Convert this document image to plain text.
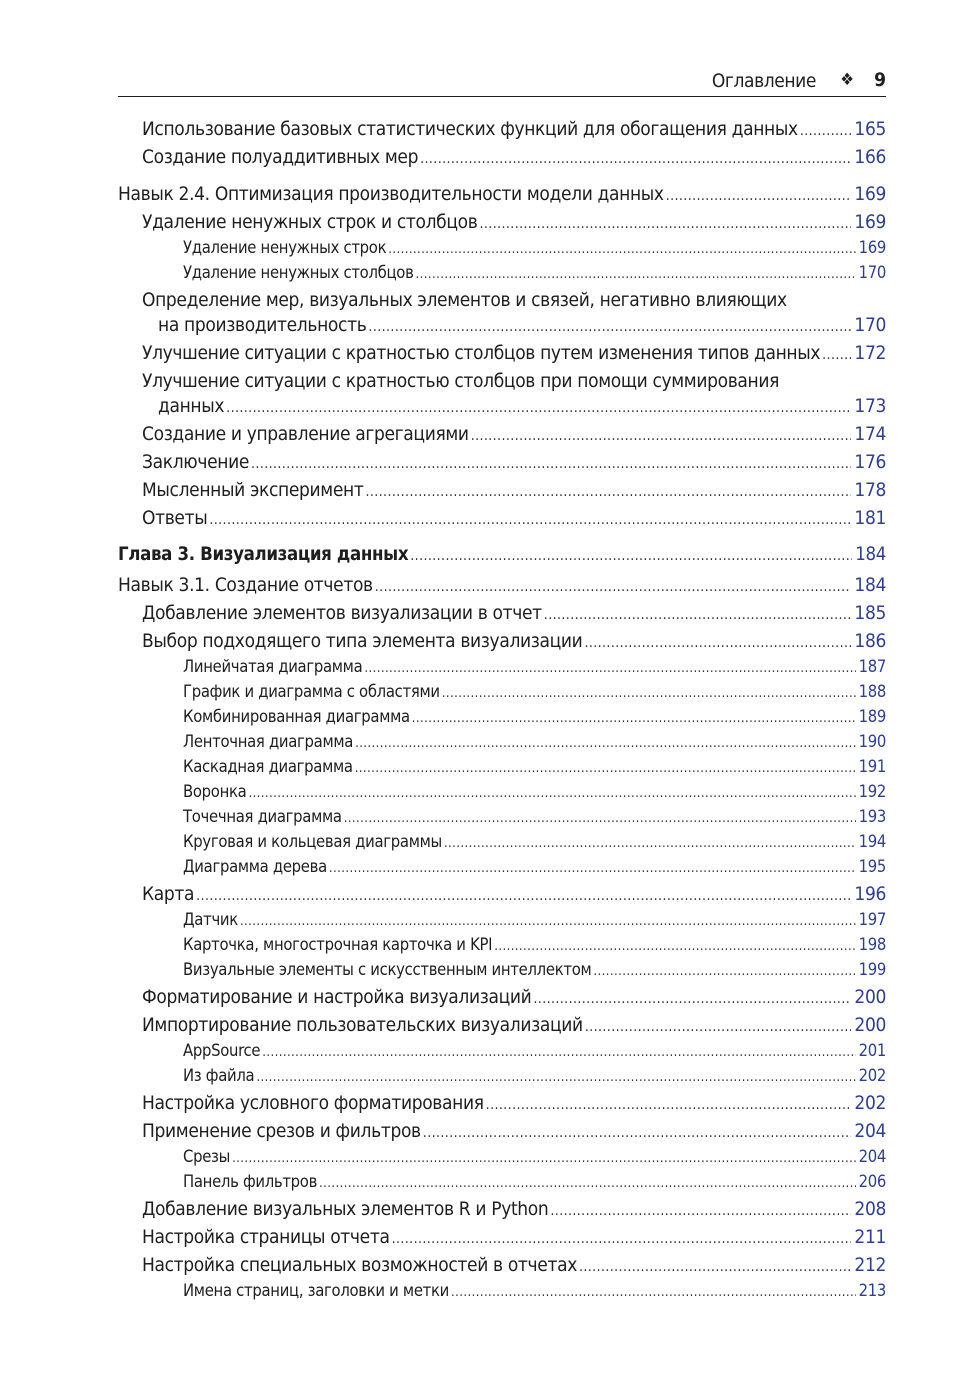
Оглавление ❖ 9
Использование базовых статистических функций для обогащения данных .....	165
Создание полуаддитивных мер .....	166
Навык 2.4. Оптимизация производительности модели данных .....	169
Удаление ненужных строк и столбцов .....	169
Удаление ненужных строк .....	169
Удаление ненужных столбцов .....	170
Определение мер, визуальных элементов и связей, негативно влияющих
на производительность .....	170
Улучшение ситуации с кратностью столбцов путем изменения типов данных ..... 172
Улучшение ситуации с кратностью столбцов при помощи суммирования
данных .....	173
Создание и управление агрегациями .....	174
Заключение .....	176
Мысленный эксперимент .....	178
Ответы .....	181
Глава 3. Визуализация данных .....	184
Навык 3.1. Создание отчетов .....	184
Добавление элементов визуализации в отчет .....	185
Выбор подходящего типа элемента визуализации .....	186
Линейчатая диаграмма .....	187
График и диаграмма с областями .....	188
Комбинированная диаграмма .....	189
Ленточная диаграмма .....	190
Каскадная диаграмма .....	191
Воронка .....	192
Точечная диаграмма .....	193
Круговая и кольцевая диаграммы .....	194
Диаграмма дерева .....	195
Карта .....	196
Датчик .....	197
Карточка, многострочная карточка и KPI .....	198
Визуальные элементы с искусственным интеллектом .....	199
Форматирование и настройка визуализаций .....	200
Импортирование пользовательских визуализаций .....	200
AppSource .....	201
Из файла .....	202
Настройка условного форматирования .....	202
Применение срезов и фильтров .....	204
Срезы .....	204
Панель фильтров .....	206
Добавление визуальных элементов R и Python .....	208
Настройка страницы отчета .....	211
Настройка специальных возможностей в отчетах .....	212
Имена страниц, заголовки и метки .....	213
